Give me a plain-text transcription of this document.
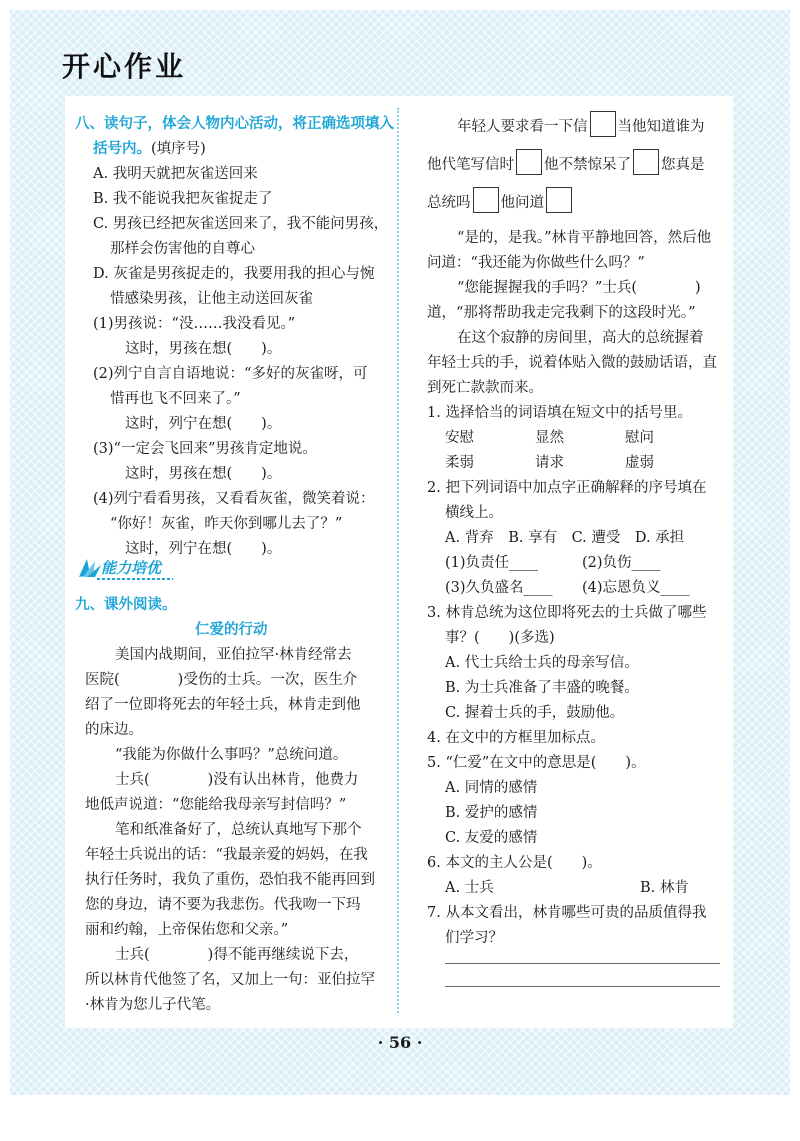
开心作业
八、读句子，体会人物内心活动，将正确选项填入
括号内。(填序号)
A. 我明天就把灰雀送回来
B. 我不能说我把灰雀捉走了
C. 男孩已经把灰雀送回来了，我不能问男孩，
那样会伤害他的自尊心
D. 灰雀是男孩捉走的，我要用我的担心与惋
惜感染男孩，让他主动送回灰雀
(1)男孩说：“没……我没看见。”
这时，男孩在想(　　)。
(2)列宁自言自语地说：“多好的灰雀呀，可
惜再也飞不回来了。”
这时，列宁在想(　　)。
(3)“一定会飞回来”男孩肯定地说。
这时，男孩在想(　　)。
(4)列宁看看男孩，又看看灰雀，微笑着说：
“你好！灰雀，昨天你到哪儿去了？”
这时，列宁在想(　　)。
能力培优
九、课外阅读。
仁爱的行动
美国内战期间，亚伯拉罕·林肯经常去
医院(　　　　)受伤的士兵。一次，医生介
绍了一位即将死去的年轻士兵，林肯走到他
的床边。
“我能为你做什么事吗？”总统问道。
士兵(　　　　)没有认出林肯，他费力
地低声说道：“您能给我母亲写封信吗？”
笔和纸准备好了，总统认真地写下那个
年轻士兵说出的话：“我最亲爱的妈妈，在我
执行任务时，我负了重伤，恐怕我不能再回到
您的身边，请不要为我悲伤。代我吻一下玛
丽和约翰，上帝保佑您和父亲。”
士兵(　　　　)得不能再继续说下去，
所以林肯代他签了名，又加上一句：亚伯拉罕
·林肯为您儿子代笔。
年轻人要求看一下信 当他知道谁为
他代笔写信时 他不禁惊呆了 您真是
总统吗 他问道
“是的，是我。”林肯平静地回答，然后他
问道：“我还能为你做些什么吗？”
“您能握握我的手吗？”士兵(　　　　)
道，“那将帮助我走完我剩下的这段时光。”
在这个寂静的房间里，高大的总统握着
年轻士兵的手，说着体贴入微的鼓励话语，直
到死亡款款而来。
1. 选择恰当的词语填在短文中的括号里。
安慰	显然	慰问
柔弱	请求	虚弱
2. 把下列词语中加点字正确解释的序号填在
横线上。
A. 背弃　B. 享有　C. 遭受　D. 承担
(1)负责任____	(2)负伤____
(3)久负盛名____ (4)忘恩负义____
3. 林肯总统为这位即将死去的士兵做了哪些
事？(　　)(多选)
A. 代士兵给士兵的母亲写信。
B. 为士兵准备了丰盛的晚餐。
C. 握着士兵的手，鼓励他。
4. 在文中的方框里加标点。
5. “仁爱”在文中的意思是(　　)。
A. 同情的感情
B. 爱护的感情
C. 友爱的感情
6. 本文的主人公是(　　)。
A. 士兵	B. 林肯
7. 从本文看出，林肯哪些可贵的品质值得我
们学习？
· 56 ·
